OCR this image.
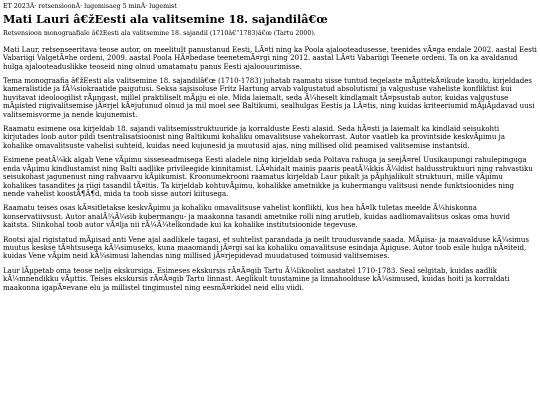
ET 2023Â· retsensioonÂ· lugemisaeg 5 minÂ· lugemist
Mati Lauri â€žEesti ala valitsemine 18. sajandilâ€œ

Retsensioon monograafiale â€žEesti ala valitsemine 18. sajandil (1710â€“1783)â€œ (Tartu 2000).

Mati Laur, retsenseeritava teose autor, on meelitult panustanud Eesti, LÃ¤ti ning ka Poola ajalooteadusesse, teenides vÃ¤ga endale 2002. aastal Eesti Vabariigi ValgetÃ¤he ordeni, 2009. aastal Poola HÃ¤bedase teenetemÃ¤rgi ning 2012. aastal LÃ¤ti Vabariigi Teenete ordeni. Ta on ka avaldanud hulga ajalooteaduslikke teoseid ning olnud umatamatu panus Eesti ajaloouurimisse.

Tema monograafia â€žEesti ala valitsemine 18. sajandilâ€œ (1710-1783) juhatab raamatu sisse tuntud tegelaste mÃµttekÃ¤ikude kaudu, kirjeldades kameralistide ja fÃ¼siokraatide paigutusi. Seksa sajsisoluse Fritz Hartung arvab valgustatud absolutismi ja valgustuse vaheliste konfliktist kui huvitavat ideoloogilist rÃµngast, millel praktiliselt mÃµju ei ole. Mida laiemalt, seda Ã¼heselt kindlamalt tÃ¤psustab autor, kuidas valgustuse mÃµisted riigivalitsemise jÃ¤rjel kÃ¤jutunud olnud ja mil moel see Baltikumi, sealhulgas Eestis ja LÃ¤tis, ning kuidas kriteeriumid mÃµÃµdavad uusi valitsemisvorme ja nende kujunemist.

Raamatu esimene osa kirjeldab 18. sajandi valitsemisstruktuuride ja korralduste Eesti alasid. Seda hÃ¤sti ja laiemalt ka kindlaid seisukohti kirjutades loob autor pildi tsentralisatsioonist ning Baltikumi kohaliku omavalitsuse vahekorrast. Autor vaatleb ka provintside keskvÃµimu ja kohalike omavalitsuste vahelisi suhteid, kuidas need kujunesid ja muutusid ajas, ning millised olid peamised valitsemise instantsid.

Esimene peatÃ¼kk algab Vene vÃµimu sisseseadmisega Eesti aladele ning kirjeldab seda Poltava rahuga ja seejÃ¤rel Uusikaupungi rahulepinguga enda vÃµimu kindlustamist ning Balti aadlike privileegide kinnitamist. LÃ¤hidalt mainis paaris peatÃ¼kkis Ã¼ldist haldusstruktuuri ning rahvastiku seisukohast jagunenust ning rahvaarvu kÃµikumist. Kroonumekrooni raamatus kirjeldab Laur pikalt ja pÃµhjalikult struktuuri, mille vÃµimu kohalikes tasandites ja riigi tasandil tÃ¤itis. Ta kirjeldab kohtuvÃµimu, kohalikke ametnikke ja kubermangu valitsusi nende funktsioonides ning nende vahelist koostÃ¶Ã¶d, mida ta toob sisse autori kiitusega.

Raamatu teises osas kÃ¤sitletakse keskvÃµimu ja kohaliku omavalitsuse vahelist konflikti, kus hea hÃ¤lk tuletas meelde Ã¼hiskonna konservatiivsust. Autor analÃ¼Ã¼sib kubermangu- ja maakonna tasandi ametnike rolli ning arutleb, kuidas aadliomavalitsus oskas oma huvid kaitsta. Siinkohal toob autor vÃ¤lja nii rÃ¼Ã¼telkondade kui ka kohalike institutsioonide tegevuse.

Rootsi ajal rigistatud mÃµisad anti Vene ajal aadlikele tagasi, et suhtelist parandada ja neilt truudusvande saada. MÃµisa- ja maavalduse kÃ¼simus muutus keskse tÃ¤htsusega kÃ¼simuseks, kuna maaomandi jÃ¤rgi sai ka kohaliku omavalitsuse esindaja Ãµiguse. Autor toob esile hulga nÃ¤iteid, kuidas Vene vÃµim neid kÃ¼simusi lahendas ning millised jÃ¤rjepidevad muudatused toimusid valitsemises.

Laur lÃµpetab oma teose nelja ekskursiga. Esimeses ekskursis rÃ¤Ã¤gib Tartu Ã¼likoolist aastatel 1710-1783. Seal selgitab, kuidas aadlik kÃ¼mnendikku vÃµttis. Teises ekskursis rÃ¤Ã¤gib Tartu linnast. Aeglikult tuustamine ja linnahoolduse kÃ¼simused, kuidas hoiti ja korraldati maakonna igapÃ¤evane elu ja millistel tingimustel ning eesmÃ¤rkidel neid ellu viidi.
